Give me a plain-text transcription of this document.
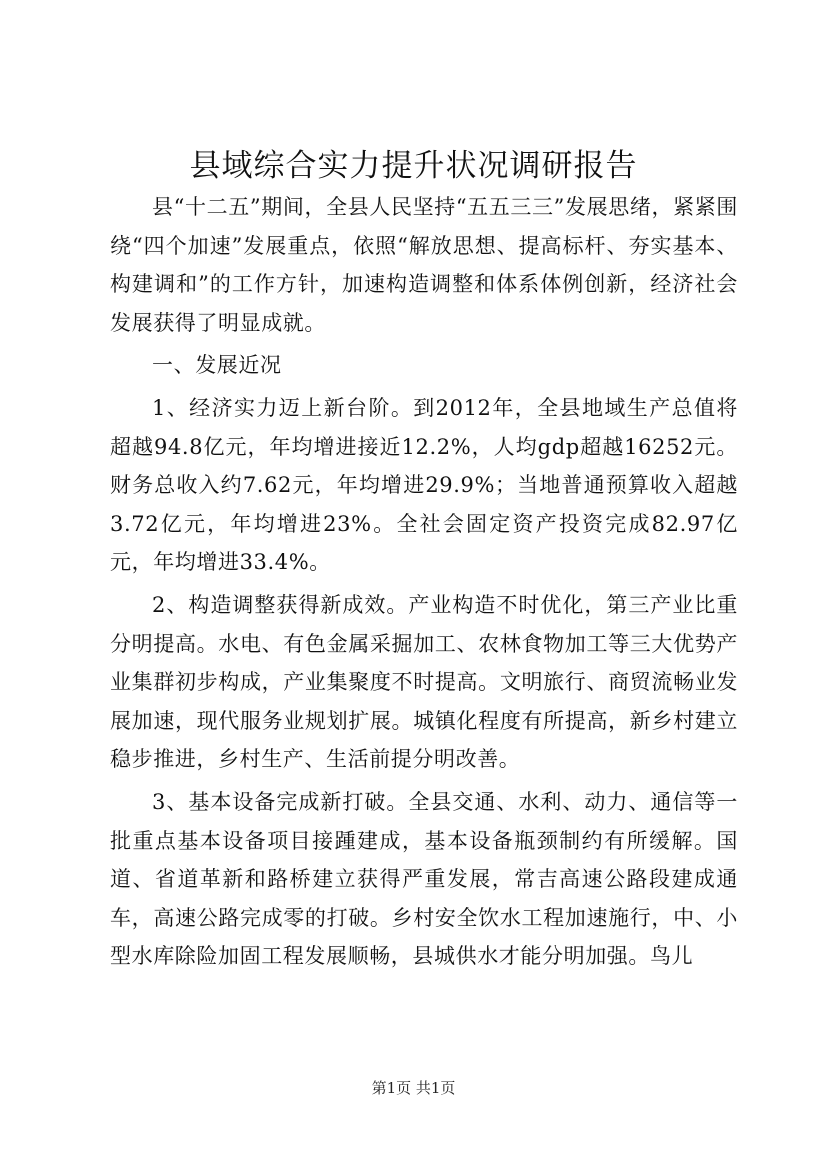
县域综合实力提升状况调研报告

县“十二五”期间，全县人民坚持“五五三三”发展思绪，紧紧围绕“四个加速”发展重点，依照“解放思想、提高标杆、夯实基本、构建调和”的工作方针，加速构造调整和体系体例创新，经济社会发展获得了明显成就。

一、发展近况

1、经济实力迈上新台阶。到2012年，全县地域生产总值将超越94.8亿元，年均增进接近12.2%，人均gdp超越16252元。财务总收入约7.62元，年均增进29.9%；当地普通预算收入超越3.72亿元，年均增进23%。全社会固定资产投资完成82.97亿元，年均增进33.4%。

2、构造调整获得新成效。产业构造不时优化，第三产业比重分明提高。水电、有色金属采掘加工、农林食物加工等三大优势产业集群初步构成，产业集聚度不时提高。文明旅行、商贸流畅业发展加速，现代服务业规划扩展。城镇化程度有所提高，新乡村建立稳步推进，乡村生产、生活前提分明改善。

3、基本设备完成新打破。全县交通、水利、动力、通信等一批重点基本设备项目接踵建成，基本设备瓶颈制约有所缓解。国道、省道革新和路桥建立获得严重发展，常吉高速公路段建成通车，高速公路完成零的打破。乡村安全饮水工程加速施行，中、小型水库除险加固工程发展顺畅，县城供水才能分明加强。鸟儿

第1页 共1页
